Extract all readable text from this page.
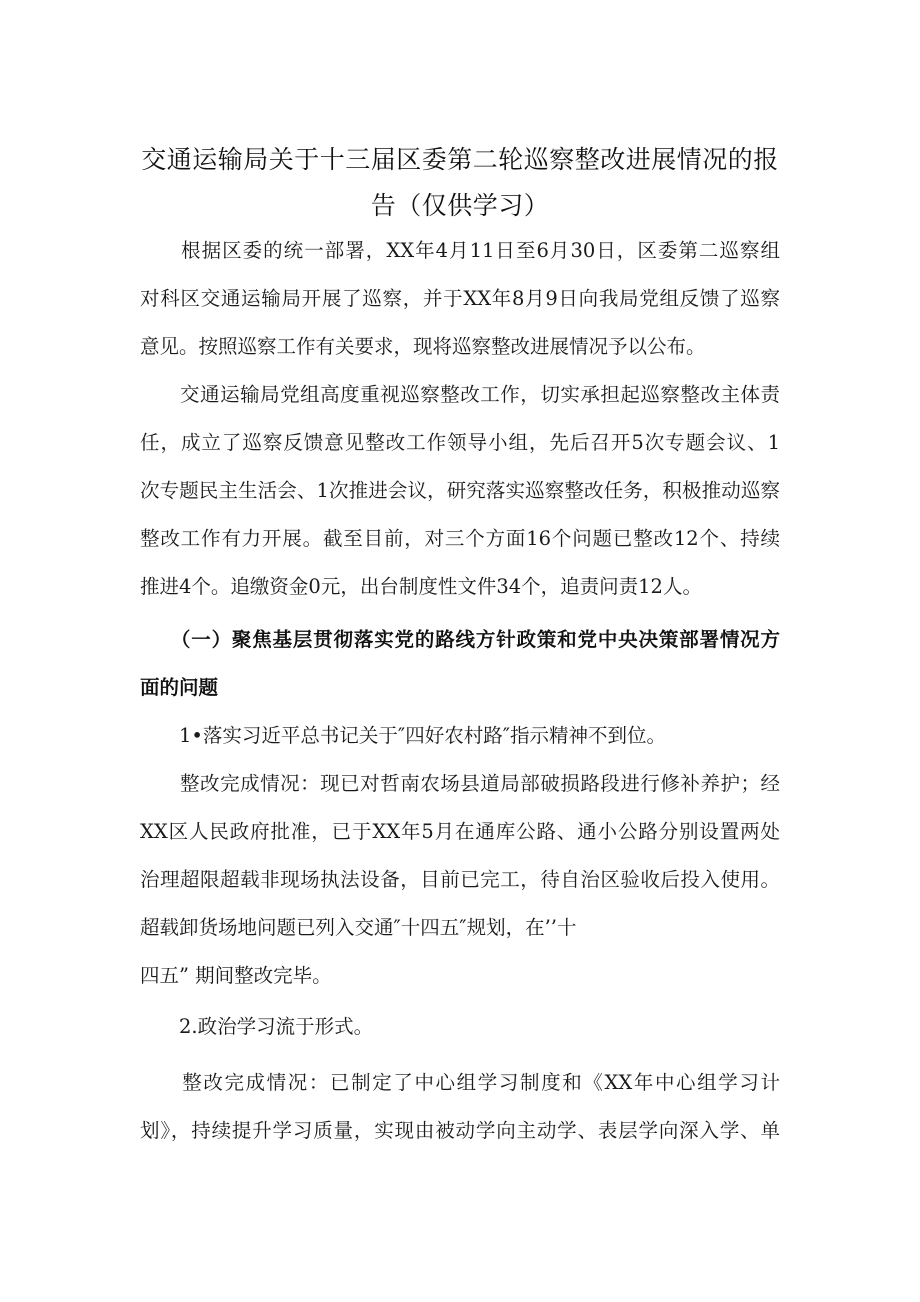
交通运输局关于十三届区委第二轮巡察整改进展情况的报
告（仅供学习）
　　根据区委的统一部署，XX年4月11日至6月30日，区委第二巡察组
对科区交通运输局开展了巡察，并于XX年8月9日向我局党组反馈了巡察
意见。按照巡察工作有关要求，现将巡察整改进展情况予以公布。
　　交通运输局党组高度重视巡察整改工作，切实承担起巡察整改主体责
任，成立了巡察反馈意见整改工作领导小组，先后召开5次专题会议、1
次专题民主生活会、1次推进会议，研究落实巡察整改任务，积极推动巡察
整改工作有力开展。截至目前，对三个方面16个问题已整改12个、持续
推进4个。追缴资金0元，出台制度性文件34个，追责问责12人。
　　（一）聚焦基层贯彻落实党的路线方针政策和党中央决策部署情况方
面的问题
　　1•落实习近平总书记关于″四好农村路″指示精神不到位。
　　整改完成情况：现已对哲南农场县道局部破损路段进行修补养护；经
XX区人民政府批准，已于XX年5月在通库公路、通小公路分别设置两处
治理超限超载非现场执法设备，目前已完工，待自治区验收后投入使用。
超载卸货场地问题已列入交通″十四五″规划，在’’十
四五” 期间整改完毕。
　　2.政治学习流于形式。
　　整改完成情况：已制定了中心组学习制度和《XX年中心组学习计
划》，持续提升学习质量，实现由被动学向主动学、表层学向深入学、单
